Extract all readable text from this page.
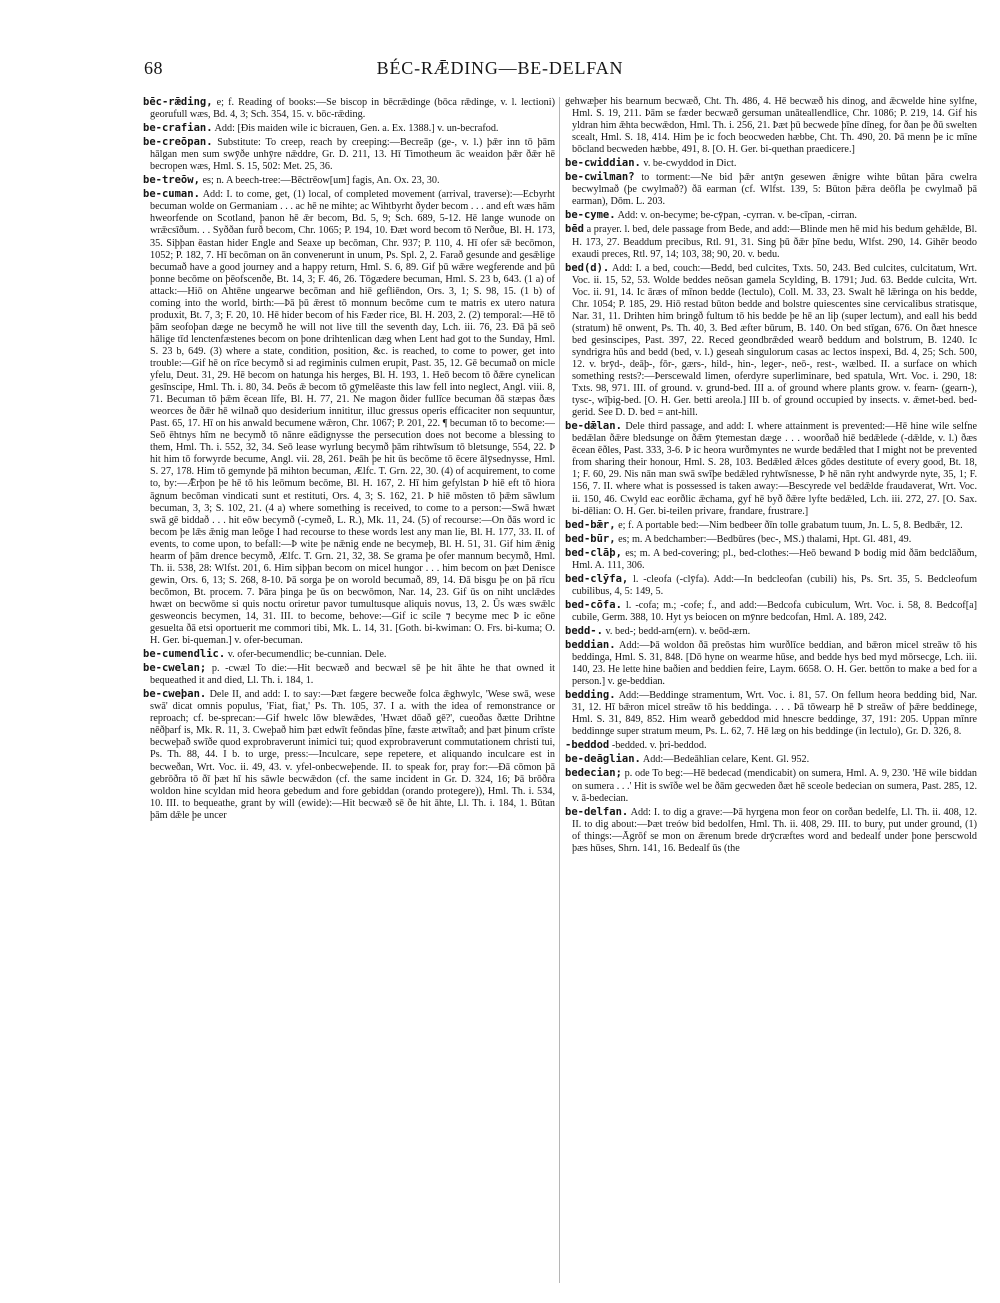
68	BÉC-RǢDING—BE-DELFAN

bēc-rǣding, e; f. Reading of books:—Se biscop in bēcrǣdinge (bōca rǣdinge, v. l. lectioni) georufull wæs, Bd. 4, 3; Sch. 354, 15. v. bōc-rǣding.

be-crafian. Add: [Ðis maiden wile ic bicrauen, Gen. a. Ex. 1388.] v. un-becrafod.

be-creōpan. Substitute: To creep, reach by creeping:—Becreāp (ge-, v. l.) þǣr inn tō þām hālgan men sum swȳðe unhȳre nǣddre, Gr. D. 211, 13. Hī Timotheum āc weaidon þǣr ðǣr hē becropen wæs, Hml. S. 15, 502: Met. 25, 36.

be-treōw, es; n. A beech-tree:—Bēctrēow[um] fagis, An. Ox. 23, 30.

be-cuman. Add: I. to come, get, (1) local, of completed movement (arrival, traverse):—Ecbyrht becuman wolde on Germaniam . . . ac hē ne mihte; ac Wihtbyrht ðyder becom . . . and eft wæs hām hweorfende on Scotland, þanon hē ǣr becom, Bd. 5, 9; Sch. 689, 5-12. Hē lange wunode on wrǣcsīðum. . . Syððan furð becom, Chr. 1065; P. 194, 10. Ðæt word becom tō Nerðue, Bl. H. 173, 35. Siþþan ēastan hider Engle and Seaxe up becōman, Chr. 937; P. 110, 4. Hī ofer sǣ becōmon, 1052; P. 182, 7. Hī becōman on ān convenerunt in unum, Ps. Spl. 2, 2. Farað gesunde and gesǣlige becumað have a good journey and a happy return, Hml. S. 6, 89. Gif þū wǣre wegferende and þū þonne becōme on þēofscenðe, Bt. 14, 3; F. 46, 26. Tōgædere becuman, Hml. S. 23 b, 643. (1 a) of attack:—Hiō on Ahtēne ungearwe becōman and hiē gefliēndon, Ors. 3, 1; S. 98, 15. (1 b) of coming into the world, birth:—Þā þū ǣrest tō monnum becōme cum te matris ex utero natura produxit, Bt. 7, 3; F. 20, 10. Hē hider becom of his Fæder rice, Bl. H. 203, 2. (2) temporal:—Hē tō þām seofoþan dæge ne becymð he will not live till the seventh day, Lch. iii. 76, 23. Ðā þā seō hālige tīd lenctenfæstenes becom on þone drihtenlican dæg when Lent had got to the Sunday, Hml. S. 23 b, 649. (3) where a state, condition, position, &c. is reached, to come to power, get into trouble:—Gif hē on rīce becymð si ad regiminis culmen erupit, Past. 35, 12. Gē becumað on micle yfelu, Deut. 31, 29. Hē becom on hatunga his herges, Bl. H. 193, 1. Heō becom tō ðǣre cynelican gesīnscipe, Hml. Th. i. 80, 34. Þeōs ǣ becom tō gȳmelēaste this law fell into neglect, Angl. viii. 8, 71. Becuman tō þǣm ēcean līfe, Bl. H. 77, 21. Ne magon ðider fullīce becuman ðā stæpas ðæs weorces ðe ðǣr hē wilnað quo desiderium innititur, illuc gressus operis efficaciter non sequuntur, Past. 65, 17. Hī on his anwald becumene wǣron, Chr. 1067; P. 201, 22. ¶ becuman tō to become:—Seō ēhtnys hīm ne becymð tō nānre eādignysse the persecution does not become a blessing to them, Hml. Th. i. 552, 32, 34. Seō lease wyrlung becymð þām rihtwīsum tō bletsunge, 554, 22. Þ hit him tō forwyrde becume, Angl. vii. 28, 261. Þeāh þe hit ūs becōme tō ēcere ālȳsednysse, Hml. S. 27, 178. Him tō gemynde þā mihton becuman, Ælfc. T. Grn. 22, 30. (4) of acquirement, to come to, by:—Ǣrþon þe hē tō his leōmum becōme, Bl. H. 167, 2. Hī him gefylstan Þ hiē eft tō hiora āgnum becōman vindicati sunt et restituti, Ors. 4, 3; S. 162, 21. Þ hiē mōsten tō þǣm sāwlum becuman, 3, 3; S. 102, 21. (4 a) where something is received, to come to a person:—Swā hwæt swā gē biddað . . . hit eōw becymð (-cymeð, L. R.), Mk. 11, 24. (5) of recourse:—On ðās word ic becom þe lǣs ǣnig man leōge I had recourse to these words lest any man lie, Bl. H. 177, 33. II. of events, to come upon, to befall:—Þ wite þe nǣnig ende ne becymeþ, Bl. H. 51, 31. Gif him ǣnig hearm of þām drence becymð, Ælfc. T. Grn. 21, 32, 38. Se grama þe ofer mannum becymð, Hml. Th. ii. 538, 28: Wlfst. 201, 6. Him siþþan becom on micel hungor . . . him becom on þæt Denisce gewin, Ors. 6, 13; S. 268, 8-10. Þā sorga þe on worold becumað, 89, 14. Ðā bisgu þe on þā rīcu becōmon, Bt. procem. 7. Þāra þinga þe ūs on becwōmon, Nar. 14, 23. Gif ūs on niht unclǣdes hwæt on becwōme si quis noctu oriretur pavor tumultusque aliquis novus, 13, 2. Ūs wæs swǣlc gesweoncis becymen, 14, 31. III. to become, behove:—Gif ic scile ⁊ becyme mec Þ ic eōne gesuelta ðā etsi oportuerit me commori tibi, Mk. L. 14, 31. [Goth. bi-kwiman: O. Frs. bi-kuma; O. H. Ger. bi-queman.] v. ofer-becuman.

be-cumendlic. v. ofer-becumendlic; be-cunnian. Dele.

be-cwelan; p. -cwæl To die:—Hit becwæð and becwæl sē þe hit āhte he that owned it bequeathed it and died, Ll. Th. i. 184, 1.

be-cweþan. Dele II, and add: I. to say:—Þæt fægere becweðe folca ǣghwylc, 'Wese swā, wese swā' dicat omnis populus, 'Fiat, fiat,' Ps. Th. 105, 37. I a. with the idea of remonstrance or reproach; cf. be-sprecan:—Gif hwelc lōw blewǣdes, 'Hwæt dōað gē?', cueoðas ðætte Drihtne nēðþarf is, Mk. R. 11, 3. Cweþað him þæt edwīt feōndas þīne, fæste ætwītað; and þæt þinum crīste becweþað swīðe quod exprobraverunt inimici tui; quod exprobraverunt commutationem christi tui, Ps. Th. 88, 44. I b. to urge, press:—Inculcare, sepe repetere, et aliquando inculcare est in becweðan, Wrt. Voc. ii. 49, 43. v. yfel-onbecweþende. II. to speak for, pray for:—Ðā cōmon þā gebrōðra tō ðī þæt hī his sāwle becwǣdon (cf. the same incident in Gr. D. 324, 16; Þā brōðra woldon hine scyldan mid heora gebedum and fore gebiddan (orando protegere)), Hml. Th. i. 534, 10. III. to bequeathe, grant by will (ewide):—Hit becwæð sē ðe hit āhte, Ll. Th. i. 184, 1. Būtan þām dǣle þe uncer

gehwæþer his bearnum becwæð, Cht. Th. 486, 4. Hē becwæð his dinog, and ǣcwelde hine sylfne, Hml. S. 19, 211. Þām se fæder becwæð gersuman unāteallendlice, Chr. 1086; P. 219, 14. Gif his yldran him ǣhta becwǣdon, Hml. Th. i. 256, 21. Þæt þū becwede þīne dīneg, for ðan þe ðū swelten scealt, Hml. S. 18, 414. Him þe ic foch beocweden hæbbe, Cht. Th. 490, 20. Þā menn þe ic mīne bōcland becweden hæbbe, 491, 8. [O. H. Ger. bi-quethan praedicere.]

be-cwiddian. v. be-cwyddod in Dict.

be-cwilman? to torment:—Ne bid þǣr antȳn gesewen ǣnigre wihte būtan þāra cwelra becwylmað (þe cwylmað?) ðā earman (cf. Wlfst. 139, 5: Būton þǣra deōfla þe cwylmað þā earman), Dōm. L. 203.

be-cyme. Add: v. on-becyme; be-cȳpan, -cyrran. v. be-cīpan, -cirran.

bēd a prayer. l. bed, dele passage from Bede, and add:—Blinde men hē mid his bedum gehǣlde, Bl. H. 173, 27. Beaddum precibus, Rtl. 91, 31. Sing þū ðǣr þīne bedu, Wlfst. 290, 14. Gihēr beodo exaudi preces, Rtl. 97, 14; 103, 38; 90, 20. v. bedu.

bed(d). Add: I. a bed, couch:—Bedd, bed culcites, Txts. 50, 243. Bed culcites, culcitatum, Wrt. Voc. ii. 15, 52, 53. Wolde beddes neōsan gamela Scylding, B. 1791; Jud. 63. Bedde culcita, Wrt. Voc. ii. 91, 14. Ic āræs of mīnon bedde (lectulo), Coll. M. 33, 23. Swalt hē lǣringa on his bedde, Chr. 1054; P. 185, 29. Hiō restad būton bedde and bolstre quiescentes sine cervicalibus stratisque, Nar. 31, 11. Drihten him bringð fultum tō his bedde þe hē an liþ (super lectum), and eall his bedd (stratum) hē onwent, Ps. Th. 40, 3. Bed æfter būrum, B. 140. On bed stīgan, 676. On ðæt hnesce bed gesinscipes, Past. 397, 22. Reced geondbrǣded wearð beddum and bolstrum, B. 1240. Ic syndrigra hūs and bedd (bed, v. l.) geseah singulorum casas ac lectos inspexi, Bd. 4, 25; Sch. 500, 12. v. brȳd-, deāþ-, fōr-, gærs-, hild-, hin-, leger-, neō-, rest-, wælbed. II. a surface on which something rests?:—Þerscewald limen, oferdyre superliminare, bed spatula, Wrt. Voc. i. 290, 18: Txts. 98, 971. III. of ground. v. grund-bed. III a. of ground where plants grow. v. fearn- (gearn-), tysc-, wīþig-bed. [O. H. Ger. betti areola.] III b. of ground occupied by insects. v. ǣmet-bed. bed-gerid. See D. D. bed = ant-hill.

be-dǣlan. Dele third passage, and add: I. where attainment is prevented:—Hē hine wile selfne bedǣlan ðǣre bledsunge on ðǣm ȳtemestan dæge . . . woorðað hiē bedǣlede (-dǣlde, v. l.) ðæs ēcean ēðles, Past. 333, 3-6. Þ ic heora wurðmyntes ne wurde bedǣled that I might not be prevented from sharing their honour, Hml. S. 28, 103. Bedǣled ǣlces gōdes destitute of every good, Bt. 18, 1; F. 60, 29. Nis nān man swā swīþe bedǣled ryhtwīsnesse, Þ hē nān ryht andwyrde nyte, 35, 1; F. 156, 7. II. where what is possessed is taken away:—Bescyrede vel bedǣlde fraudaverat, Wrt. Voc. ii. 150, 46. Cwyld eac eorðlic ǣchama, gyf hē byð ðǣre lyfte bedǣled, Lch. iii. 272, 27. [O. Sax. bi-dēlian: O. H. Ger. bi-teilen privare, frandare, frustrare.]

bed-bǣr, e; f. A portable bed:—Nim bedbeer ðīn tolle grabatum tuum, Jn. L. 5, 8. Bedbǣr, 12.

bed-būr, es; m. A bedchamber:—Bedbūres (bec-, MS.) thalami, Hpt. Gl. 481, 49.

bed-clāþ, es; m. A bed-covering; pl., bed-clothes:—Heō bewand Þ bodig mid ðām bedclāðum, Hml. A. 111, 306.

bed-clȳfa, l. -cleofa (-clȳfa). Add:—In bedcleofan (cubili) his, Ps. Srt. 35, 5. Bedcleofum cubilibus, 4, 5: 149, 5.

bed-cōfa. l. -cofa; m.; -cofe; f., and add:—Bedcofa cubiculum, Wrt. Voc. i. 58, 8. Bedcof[a] cubile, Germ. 388, 10. Hyt ys beiocen on mȳnre bedcofan, Hml. A. 189, 242.

bedd-. v. bed-; bedd-arn(ern). v. beōd-ærn.

beddian. Add:—Þā woldon ðā preōstas him wurðlīce beddian, and bǣron micel streāw tō his beddinga, Hml. S. 31, 848. [Dō hyne on wearme hūse, and bedde hys bed myd mōrsecge, Lch. iii. 140, 23. He lette hine baðien and beddien feire, Laym. 6658. O. H. Ger. bettōn to make a bed for a person.] v. ge-beddian.

bedding. Add:—Beddinge stramentum, Wrt. Voc. i. 81, 57. On fellum heora bedding bid, Nar. 31, 12. Hī bǣron micel streāw tō his beddinga. . . . Þā tōwearp hē Þ streāw of þǣre beddinege, Hml. S. 31, 849, 852. Him wearð gebeddod mid hnescre beddinge, 37, 191: 205. Uppan mīnre beddinnge super stratum meum, Ps. L. 62, 7. Hē læg on his beddinge (in lectulo), Gr. D. 326, 8.

-beddod -bedded. v. þri-beddod.

be-deāglian. Add:—Bedeāhlian celare, Kent. Gl. 952.

bedecian; p. ode To beg:—Hē bedecad (mendicabit) on sumera, Hml. A. 9, 230. 'Hē wile biddan on sumera . . .' Hit is swīðe wel be ðām gecweden ðæt hē sceole bedecian on sumera, Past. 285, 12. v. ā-bedecian.

be-delfan. Add: I. to dig a grave:—Þā hyrgena mon feor on corðan bedelfe, Ll. Th. ii. 408, 12. II. to dig about:—Þæt treów bid bedolfen, Hml. Th. ii. 408, 29. III. to bury, put under ground, (1) of things:—Āgrōf se mon on ǣrenum brede drȳcræftes word and bedealf under þone þerscwold þæs hūses, Shrn. 141, 16. Bedealf ūs (the
